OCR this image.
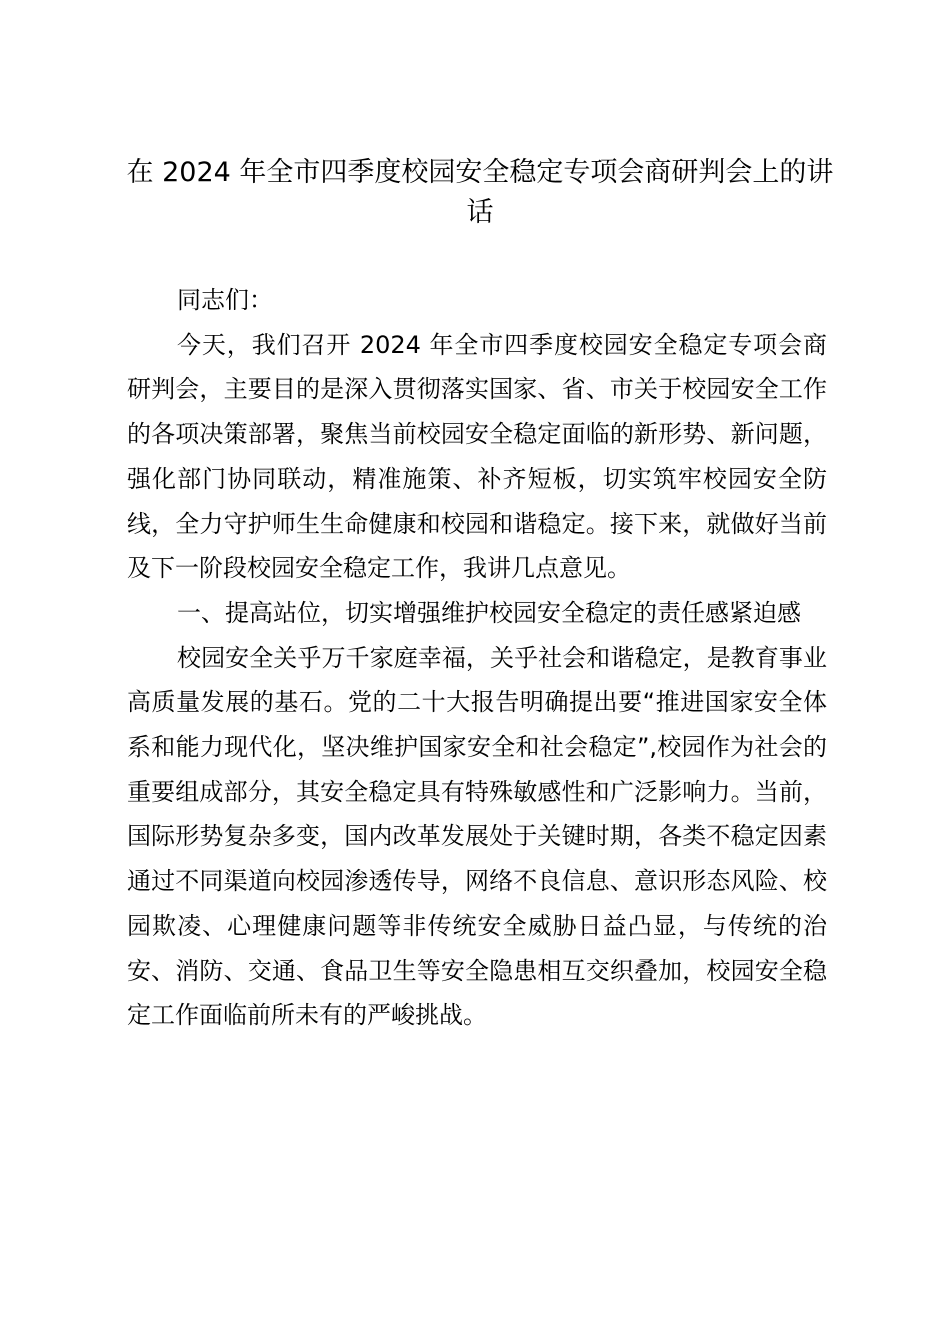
在 2024 年全市四季度校园安全稳定专项会商研判会上的讲话

同志们：

今天，我们召开 2024 年全市四季度校园安全稳定专项会商研判会，主要目的是深入贯彻落实国家、省、市关于校园安全工作的各项决策部署，聚焦当前校园安全稳定面临的新形势、新问题，强化部门协同联动，精准施策、补齐短板，切实筑牢校园安全防线，全力守护师生生命健康和校园和谐稳定。接下来，就做好当前及下一阶段校园安全稳定工作，我讲几点意见。

一、提高站位，切实增强维护校园安全稳定的责任感紧迫感

校园安全关乎万千家庭幸福，关乎社会和谐稳定，是教育事业高质量发展的基石。党的二十大报告明确提出要“推进国家安全体系和能力现代化，坚决维护国家安全和社会稳定”,校园作为社会的重要组成部分，其安全稳定具有特殊敏感性和广泛影响力。当前，国际形势复杂多变，国内改革发展处于关键时期，各类不稳定因素通过不同渠道向校园渗透传导，网络不良信息、意识形态风险、校园欺凌、心理健康问题等非传统安全威胁日益凸显，与传统的治安、消防、交通、食品卫生等安全隐患相互交织叠加，校园安全稳定工作面临前所未有的严峻挑战。
